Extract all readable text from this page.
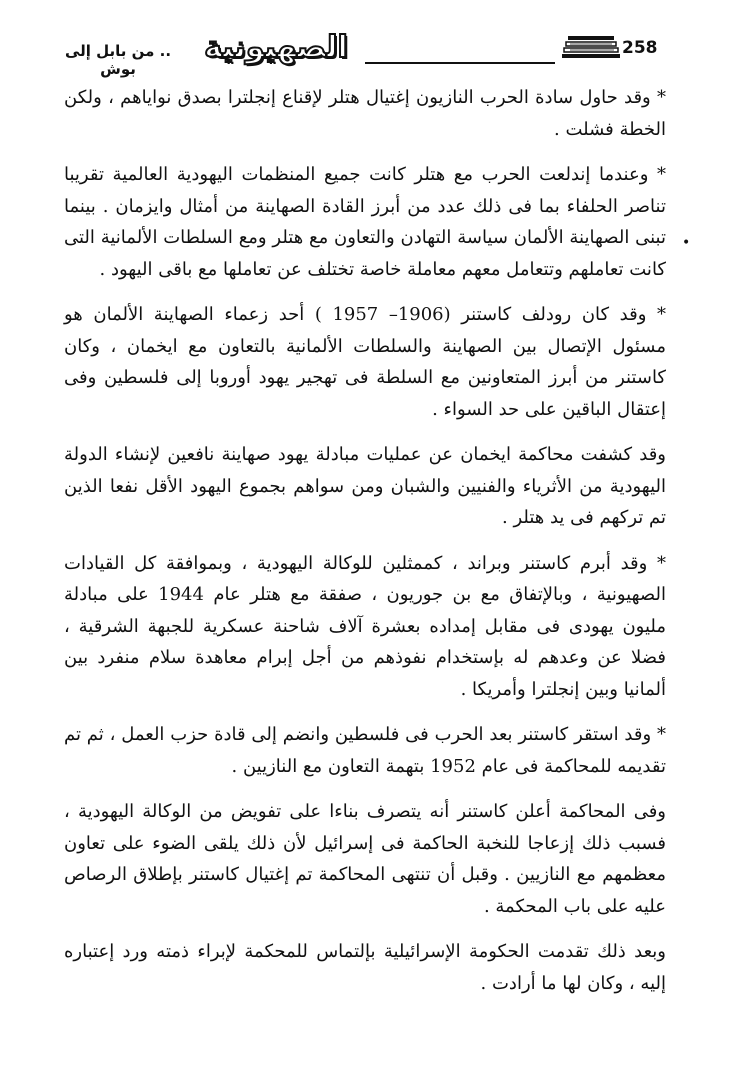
258
الصهيونية
.. من بابل إلى بوش
•

* وقد حاول سادة الحرب النازيون إغتيال هتلر لإقناع إنجلترا بصدق نواياهم ، ولكن الخطة فشلت .

* وعندما إندلعت الحرب مع هتلر كانت جميع المنظمات اليهودية العالمية تقريبا تناصر الحلفاء بما فى ذلك عدد من أبرز القادة الصهاينة من أمثال وايزمان . بينما تبنى الصهاينة الألمان سياسة التهادن والتعاون مع هتلر ومع السلطات الألمانية التى كانت تعاملهم وتتعامل معهم معاملة خاصة تختلف عن تعاملها مع باقى اليهود .

* وقد كان رودلف كاستنر (1906– 1957 ) أحد زعماء الصهاينة الألمان هو مسئول الإتصال بين الصهاينة والسلطات الألمانية بالتعاون مع ايخمان ، وكان كاستنر من أبرز المتعاونين مع السلطة فى تهجير يهود أوروبا إلى فلسطين وفى إعتقال الباقين على حد السواء .

وقد كشفت محاكمة ايخمان عن عمليات مبادلة يهود صهاينة نافعين لإنشاء الدولة اليهودية من الأثرياء والفنيين والشبان ومن سواهم بجموع اليهود الأقل نفعا الذين تم تركهم فى يد هتلر .

* وقد أبرم كاستنر وبراند ، كممثلين للوكالة اليهودية ، وبموافقة كل القيادات الصهيونية ، وبالإتفاق مع بن جوريون ، صفقة مع هتلر عام 1944 على مبادلة مليون يهودى فى مقابل إمداده بعشرة آلاف شاحنة عسكرية للجبهة الشرقية ، فضلا عن وعدهم له بإستخدام نفوذهم من أجل إبرام معاهدة سلام منفرد بين ألمانيا وبين إنجلترا وأمريكا .

* وقد استقر كاستنر بعد الحرب فى فلسطين وانضم إلى قادة حزب العمل ، ثم تم تقديمه للمحاكمة فى عام 1952 بتهمة التعاون مع النازيين .

وفى المحاكمة أعلن كاستنر أنه يتصرف بناءا على تفويض من الوكالة اليهودية ، فسبب ذلك إزعاجا للنخبة الحاكمة فى إسرائيل لأن ذلك يلقى الضوء على تعاون معظمهم مع النازيين . وقبل أن تنتهى المحاكمة تم إغتيال كاستنر بإطلاق الرصاص عليه على باب المحكمة .

وبعد ذلك تقدمت الحكومة الإسرائيلية بإلتماس للمحكمة لإبراء ذمته ورد إعتباره إليه ، وكان لها ما أرادت .
